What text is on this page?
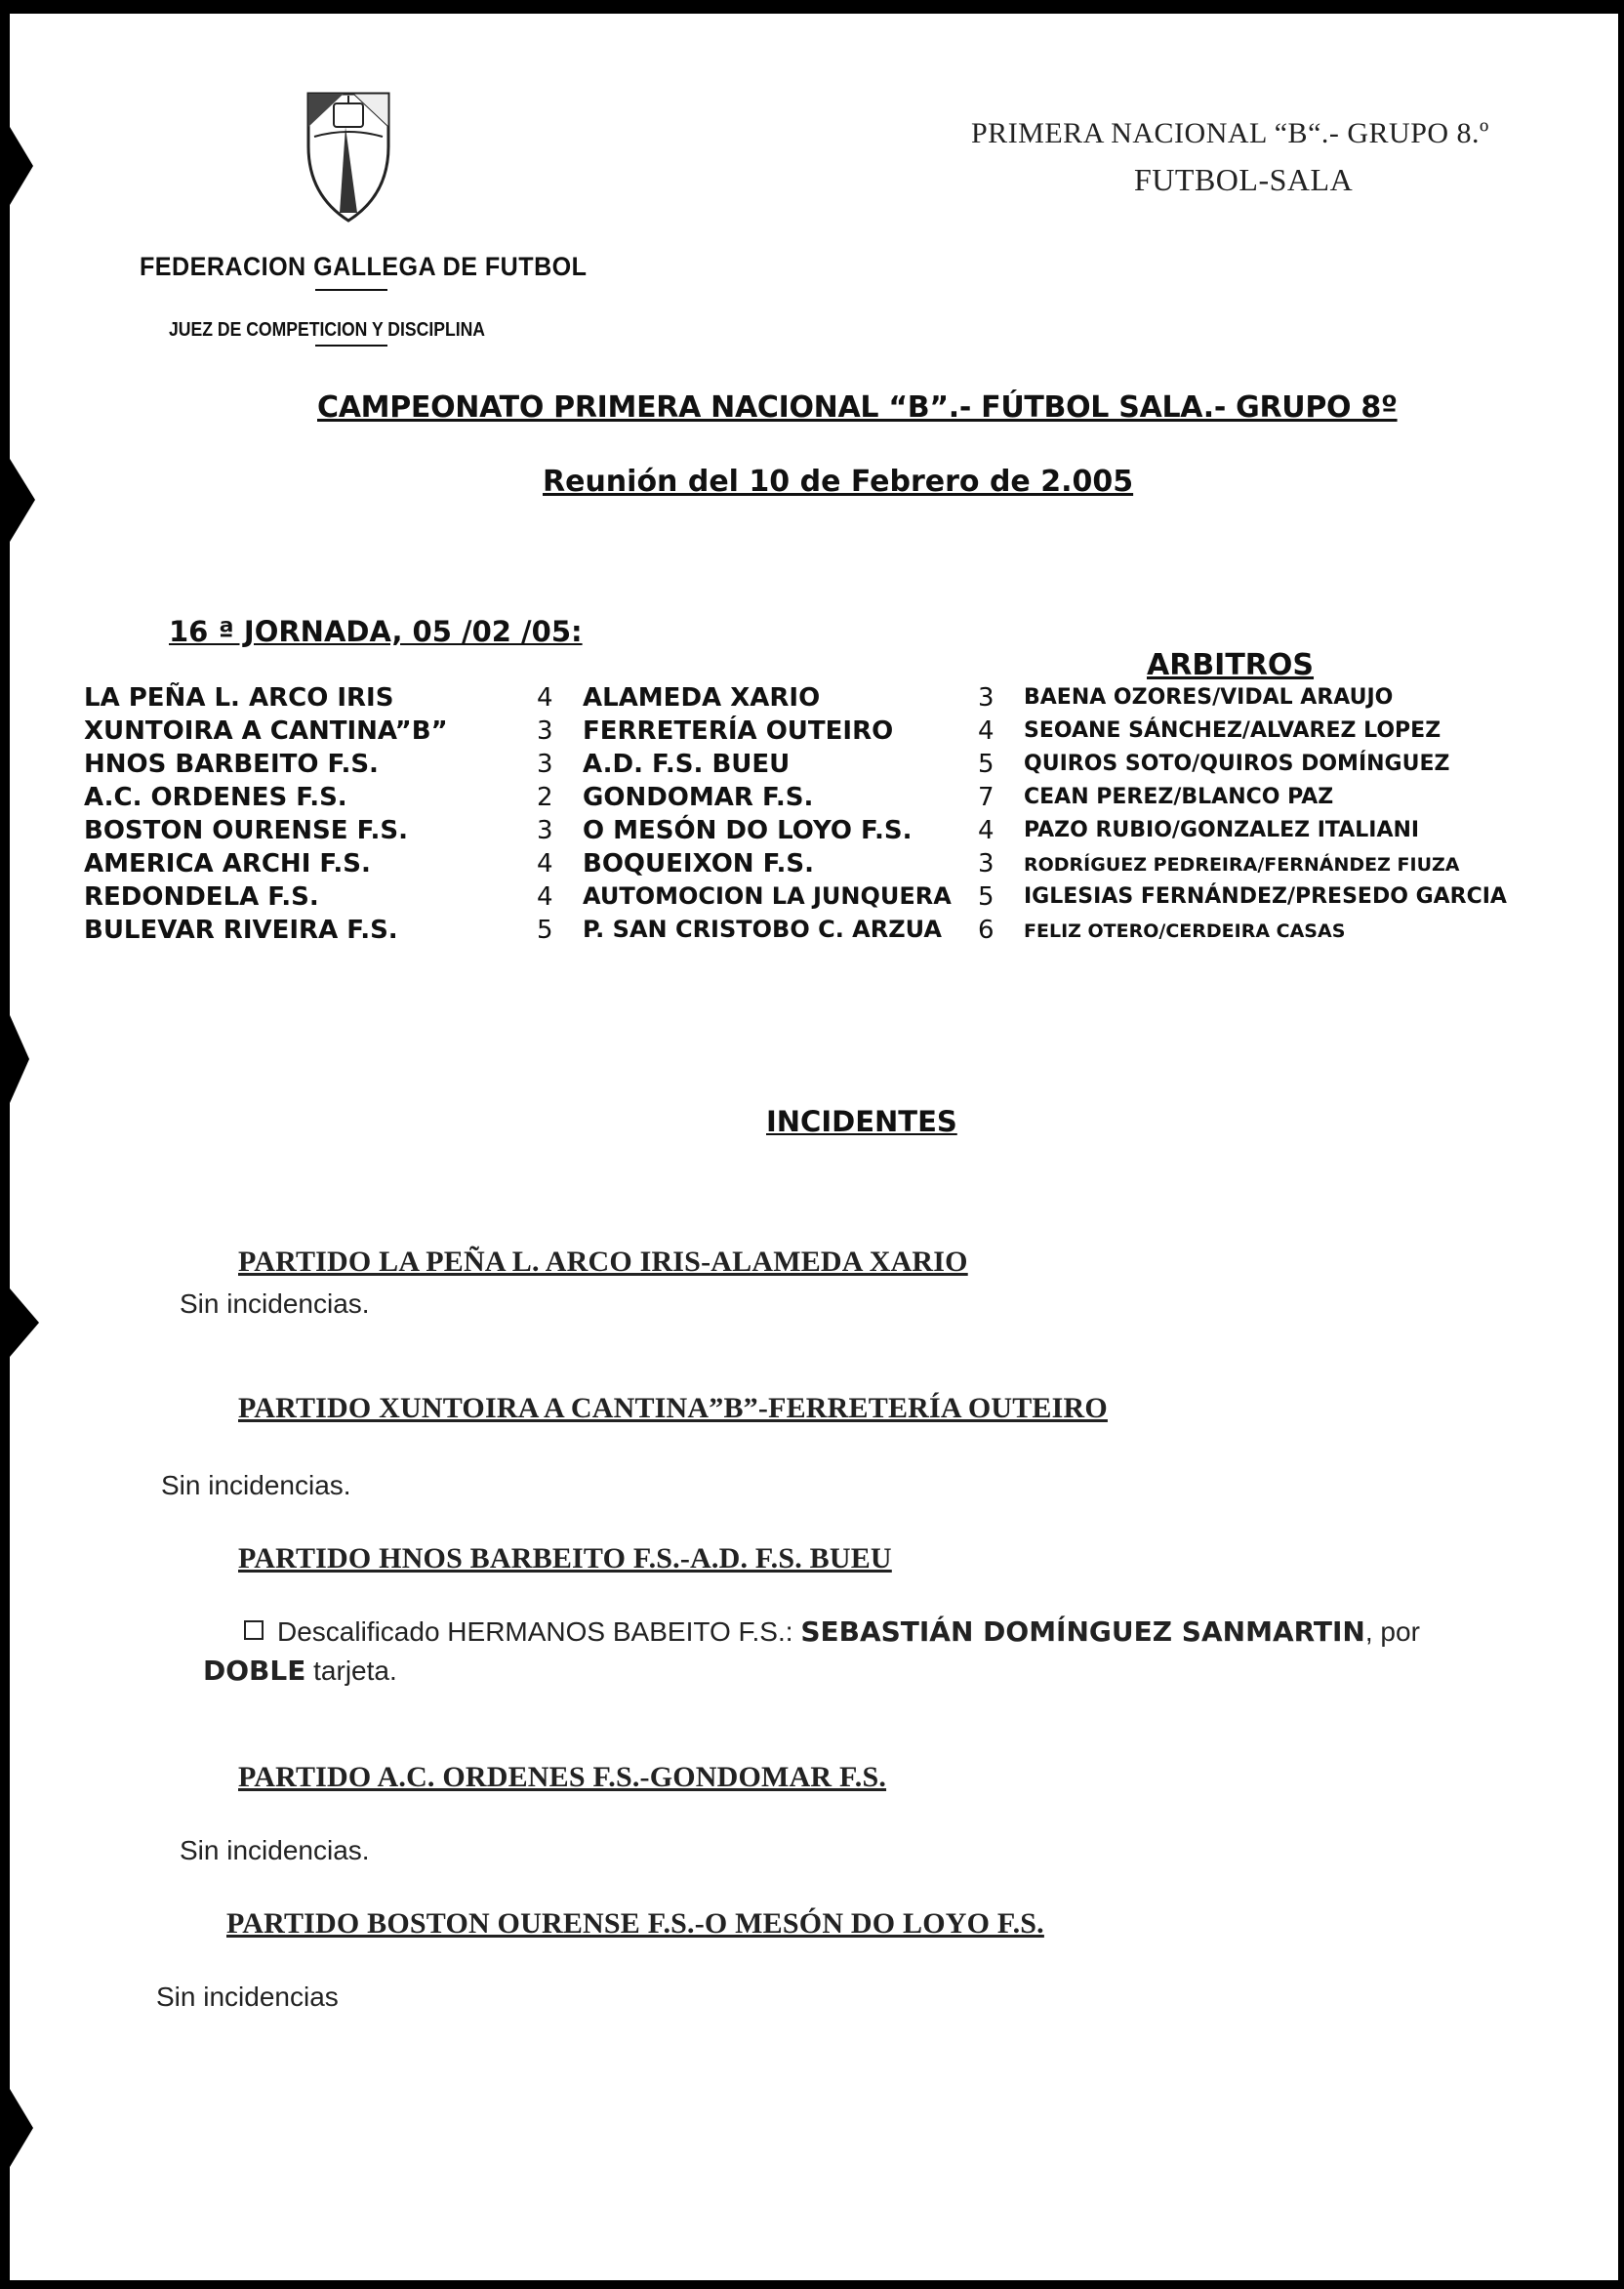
FEDERACION GALLEGA DE FUTBOL
JUEZ DE COMPETICION Y DISCIPLINA
PRIMERA NACIONAL “B“.- GRUPO 8.º
FUTBOL-SALA
CAMPEONATO PRIMERA NACIONAL “B”.- FÚTBOL SALA.- GRUPO 8º
Reunión del 10 de Febrero de 2.005
16 ª JORNADA, 05 /02 /05:
ARBITROS
LA PEÑA L. ARCO IRIS	4 ALAMEDA XARIO	3 BAENA OZORES/VIDAL ARAUJO
XUNTOIRA A CANTINA”B”	3 FERRETERÍA OUTEIRO	4 SEOANE SÁNCHEZ/ALVAREZ LOPEZ
HNOS BARBEITO F.S.	3 A.D. F.S. BUEU	5 QUIROS SOTO/QUIROS DOMÍNGUEZ
A.C. ORDENES F.S.	2 GONDOMAR F.S.	7 CEAN PEREZ/BLANCO PAZ
BOSTON OURENSE F.S.	3 O MESÓN DO LOYO F.S.	4 PAZO RUBIO/GONZALEZ ITALIANI
AMERICA ARCHI F.S.	4 BOQUEIXON F.S.	3 RODRÍGUEZ PEDREIRA/FERNÁNDEZ FIUZA
REDONDELA F.S.	4 AUTOMOCION LA JUNQUERA 5 IGLESIAS FERNÁNDEZ/PRESEDO GARCIA
BULEVAR RIVEIRA F.S.	5 P. SAN CRISTOBO C. ARZUA 6 FELIZ OTERO/CERDEIRA CASAS
INCIDENTES
PARTIDO LA PEÑA L. ARCO IRIS-ALAMEDA XARIO
Sin incidencias.
PARTIDO XUNTOIRA A CANTINA”B”-FERRETERÍA OUTEIRO
Sin incidencias.
PARTIDO HNOS BARBEITO F.S.-A.D. F.S. BUEU
Descalificado HERMANOS BABEITO F.S.: SEBASTIÁN DOMÍNGUEZ SANMARTIN, por
DOBLE tarjeta.
PARTIDO A.C. ORDENES F.S.-GONDOMAR F.S.
Sin incidencias.
PARTIDO BOSTON OURENSE F.S.-O MESÓN DO LOYO F.S.
Sin incidencias
